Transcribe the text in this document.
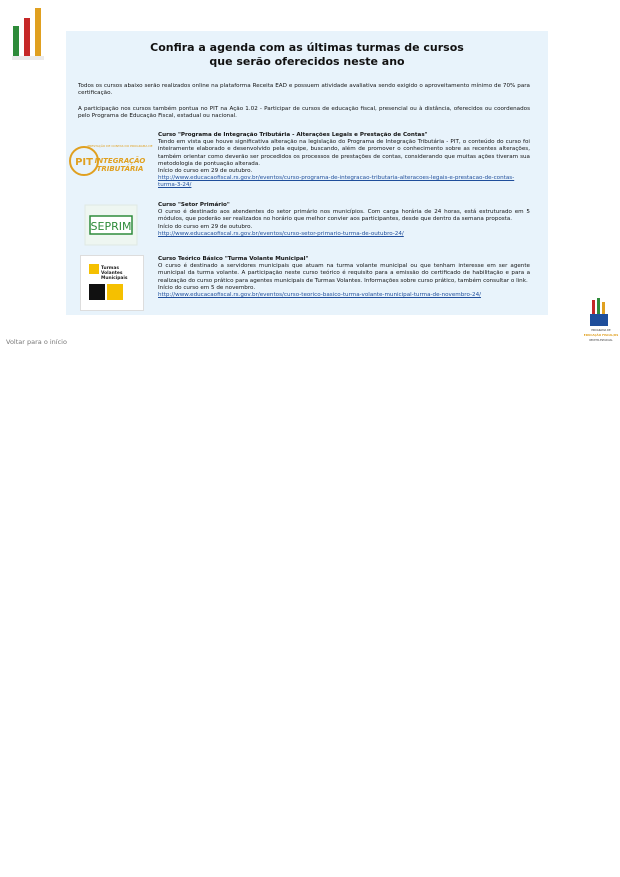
Confira a agenda com as últimas turmas de cursos
que serão oferecidos neste ano
Todos os cursos abaixo serão realizados online na plataforma Receita EAD e possuem atividade avaliativa sendo exigido o aproveitamento mínimo de 70% para certificação.
A participação nos cursos também pontua no PIT na Ação 1.02 - Participar de cursos de educação fiscal, presencial ou à distância, oferecidos ou coordenados pelo Programa de Educação Fiscal, estadual ou nacional.
PIT
PRESTAÇÃO DE CONTAS DO PROGRAMA DE
INTEGRAÇÃO
TRIBUTÁRIA
Curso "Programa de Integração Tributária - Alterações Legais e Prestação de Contas"
Tendo em vista que houve significativa alteração na legislação do Programa de Integração Tributária - PIT, o conteúdo do curso foi inteiramente elaborado e desenvolvido pela equipe, buscando, além de promover o conhecimento sobre as recentes alterações, também orientar como deverão ser procedidos os processos de prestações de contas, considerando que muitas ações tiveram sua metodologia de pontuação alterada.
Início do curso em 29 de outubro.
http://www.educacaofiscal.rs.gov.br/eventos/curso-programa-de-integracao-tributaria-alteracoes-legais-e-prestacao-de-contas-turma-3-24/
SEPRIM
Curso "Setor Primário"
O curso é destinado aos atendentes do setor primário nos municípios. Com carga horária de 24 horas, está estruturado em 5 módulos, que poderão ser realizados no horário que melhor convier aos participantes, desde que dentro da semana proposta.
Início do curso em 29 de outubro.
http://www.educacaofiscal.rs.gov.br/eventos/curso-setor-primario-turma-de-outubro-24/
Turmas
Volantes
Municipais
Curso Teórico Básico "Turma Volante Municipal"
O curso é destinado a servidores municipais que atuam na turma volante municipal ou que tenham interesse em ser agente municipal da turma volante. A participação neste curso teórico é requisito para a emissão do certificado de habilitação e para a realização do curso prático para agentes municipais de Turmas Volantes. Informações sobre curso prático, também consultar o link.
Início do curso em 5 de novembro.
http://www.educacaofiscal.rs.gov.br/eventos/curso-teorico-basico-turma-volante-municipal-turma-de-novembro-24/
Voltar para o início
PROGRAMA DE
EDUCAÇÃO FISCAL/RS
RECEITA ESTADUAL
